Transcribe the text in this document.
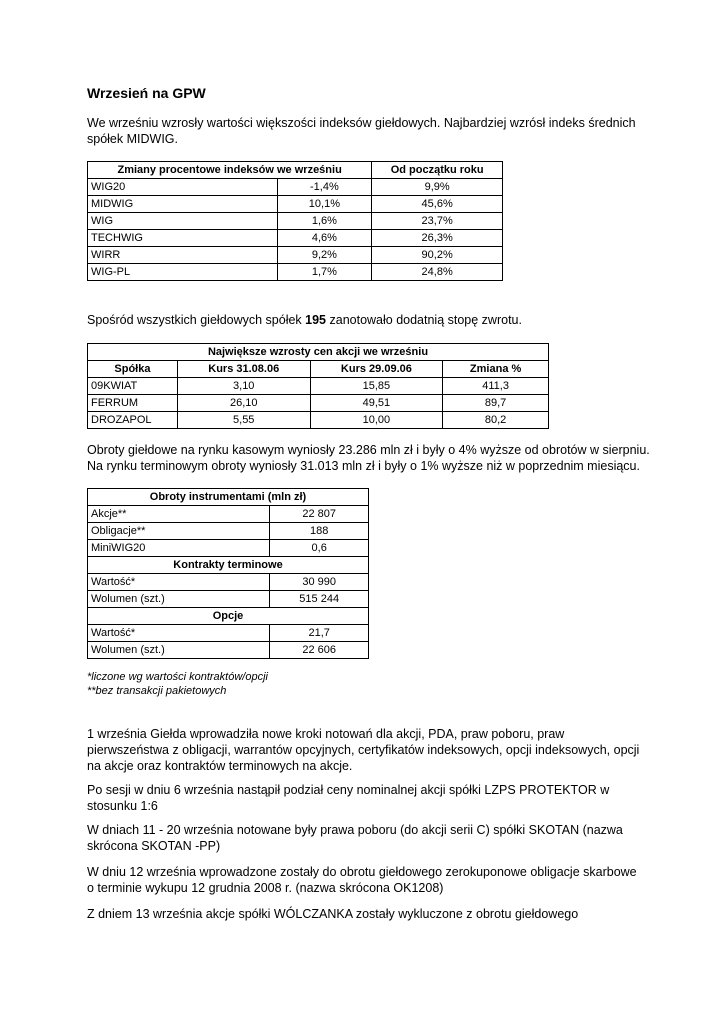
Wrzesień na GPW

We wrześniu wzrosły wartości większości indeksów giełdowych. Najbardziej wzrósł indeks średnich spółek MIDWIG.

Zmiany procentowe indeksów we wrześniu		Od początku roku
WIG20	-1,4%	9,9%
MIDWIG	10,1%	45,6%
WIG	1,6%	23,7%
TECHWIG	4,6%	26,3%
WIRR	9,2%	90,2%
WIG-PL	1,7%	24,8%

Spośród wszystkich giełdowych spółek 195 zanotowało dodatnią stopę zwrotu.

Największe wzrosty cen akcji we wrześniu			
Spółka	Kurs 31.08.06	Kurs 29.09.06	Zmiana %
09KWIAT	3,10	15,85	411,3
FERRUM	26,10	49,51	89,7
DROZAPOL	5,55	10,00	80,2

Obroty giełdowe na rynku kasowym wyniosły 23.286 mln zł i były o 4% wyższe od obrotów w sierpniu. Na rynku terminowym obroty wyniosły 31.013 mln zł i były o 1% wyższe niż w poprzednim miesiącu.

Obroty instrumentami (mln zł)	
Akcje**	22 807
Obligacje**	188
MiniWIG20	0,6
Kontrakty terminowe	
Wartość*	30 990
Wolumen (szt.)	515 244
Opcje	
Wartość*	21,7
Wolumen (szt.)	22 606
*liczone wg wartości kontraktów/opcji
**bez transakcji pakietowych

1 września Giełda wprowadziła nowe kroki notowań dla akcji, PDA, praw poboru, praw pierwszeństwa z obligacji, warrantów opcyjnych, certyfikatów indeksowych, opcji indeksowych, opcji na akcje oraz kontraktów terminowych na akcje.

Po sesji w dniu 6 września nastąpił podział ceny nominalnej akcji spółki LZPS PROTEKTOR w stosunku 1:6

W dniach 11 - 20 września notowane były prawa poboru (do akcji serii C) spółki SKOTAN (nazwa skrócona SKOTAN -PP)

W dniu 12 września wprowadzone zostały do obrotu giełdowego zerokuponowe obligacje skarbowe o terminie wykupu 12 grudnia 2008 r. (nazwa skrócona OK1208)

Z dniem 13 września akcje spółki WÓLCZANKA zostały wykluczone z obrotu giełdowego
